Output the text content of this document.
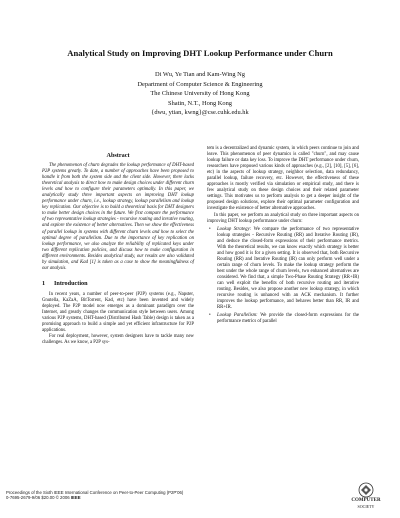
Analytical Study on Improving DHT Lookup Performance under Churn
Di Wu, Ye Tian and Kam-Wing Ng
Department of Computer Science & Engineering
The Chinese University of Hong Kong
Shatin, N.T., Hong Kong
{dwu, ytian, kwng}@cse.cuhk.edu.hk
Abstract

The phenomenon of churn degrades the lookup performance of DHT-based P2P systems greatly. To date, a number of approaches have been proposed to handle it from both the system side and the client side. However, there lacks theoretical analysis to direct how to make design choices under different churn levels and how to configure their parameters optimally. In this paper, we analytically study three important aspects on improving DHT lookup performance under churn, i.e., lookup strategy, lookup parallelism and lookup key replication. Our objective is to build a theoretical basis for DHT designers to make better design choices in the future. We first compare the performance of two representative lookup strategies - recursive routing and iterative routing, and explore the existence of better alternatives. Then we show the effectiveness of parallel lookup in systems with different churn levels and how to select the optimal degree of parallelism. Due to the importance of key replication on lookup performance, we also analyze the reliability of replicated keys under two different replication policies, and discuss how to make configuration in different environments. Besides analytical study, our results are also validated by simulation, and Kad [1] is taken as a case to show the meaningfulness of our analysis.

1 Introduction

In recent years, a number of peer-to-peer (P2P) systems (e.g., Napster, Gnutella, KaZaA, BitTorrent, Kad, etc) have been invented and widely deployed. The P2P model now emerges as a dominant paradigm over the Internet, and greatly changes the communication style between users. Among various P2P systems, DHT-based (Distributed Hash Table) design is taken as a promising approach to build a simple and yet efficient infrastructure for P2P applications.

For real deployment, however, system designers have to tackle many new challenges. As we know, a P2P sys-

tem is a decentralized and dynamic system, in which peers continue to join and leave. This phenomenon of peer dynamics is called "churn", and may cause lookup failure or data key loss. To improve the DHT performance under churn, researchers have proposed various kinds of approaches (e.g., [2], [10], [5], [6], etc) in the aspects of lookup strategy, neighbor selection, data redundancy, parallel lookup, failure recovery, etc. However, the effectiveness of these approaches is mostly verified via simulation or empirical study, and there is few analytical study on these design choices and their related parameter settings. This motivates us to perform analysis to get a deeper insight of the proposed design solutions, explore their optimal parameter configuration and investigate the existence of better alternative approaches.

In this paper, we perform an analytical study on three important aspects on improving DHT lookup performance under churn:

• Lookup Strategy: We compare the performance of two representative lookup strategies - Recursive Routing (RR) and Iterative Routing (IR), and deduce the closed-form expressions of their performance metrics. With the theoretical results, we can know exactly which strategy is better and how good it is for a given setting. It is observed that, both Recursive Routing (RR) and Iterative Routing (IR) can only perform well under a certain range of churn levels. To make the lookup strategy perform the best under the whole range of churn levels, two enhanced alternatives are considered. We find that, a simple Two-Phase Routing Strategy (RR+IR) can well exploit the benefits of both recursive routing and iterative routing. Besides, we also propose another new lookup strategy, in which recursive routing is unhanced with an ACK mechanism. It further improves the lookup performance, and behaves better than RR, IR and RR+IR.
• Lookup Parallelism: We provide the closed-form expressions for the performance metrics of parallel
Proceedings of the Sixth IEEE International Conference on Peer-to-Peer Computing (P2P'06)
0-7695-2679-9/06 $20.00 © 2006 IEEE
COMPUTER
SOCIETY
